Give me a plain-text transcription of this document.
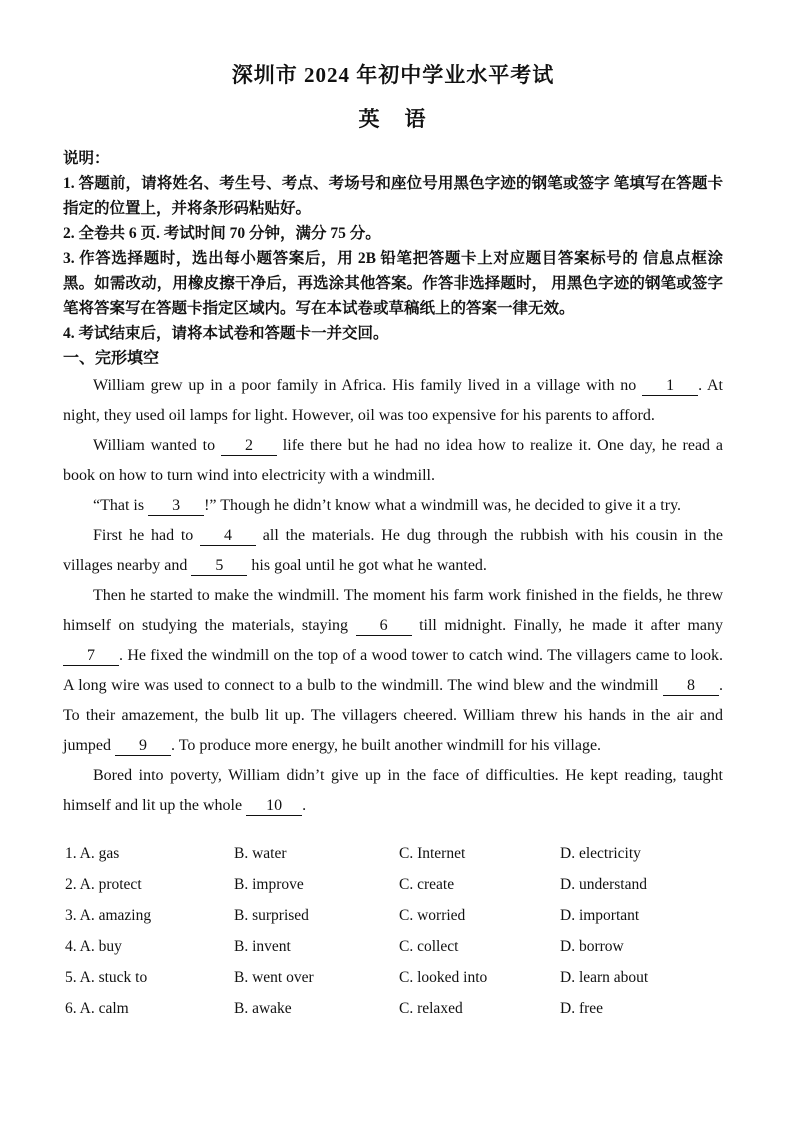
深圳市 2024 年初中学业水平考试
英　语
说明：
1. 答题前，请将姓名、考生号、考点、考场号和座位号用黑色字迹的钢笔或签字 笔填写在答题卡指定的位置上，并将条形码粘贴好。
2. 全卷共 6 页. 考试时间 70 分钟，满分 75 分。
3. 作答选择题时，选出每小题答案后，用 2B 铅笔把答题卡上对应题目答案标号的 信息点框涂黑。如需改动，用橡皮擦干净后，再选涂其他答案。作答非选择题时， 用黑色字迹的钢笔或签字笔将答案写在答题卡指定区域内。写在本试卷或草稿纸上的答案一律无效。
4. 考试结束后，请将本试卷和答题卡一并交回。
一、完形填空

William grew up in a poor family in Africa. His family lived in a village with no 1 . At night, they used oil lamps for light. However, oil was too expensive for his parents to afford.

William wanted to 2 life there but he had no idea how to realize it. One day, he read a book on how to turn wind into electricity with a windmill.

“That is 3 !” Though he didn’t know what a windmill was, he decided to give it a try.

First he had to 4 all the materials. He dug through the rubbish with his cousin in the villages nearby and 5 his goal until he got what he wanted.

Then he started to make the windmill. The moment his farm work finished in the fields, he threw himself on studying the materials, staying 6 till midnight. Finally, he made it after many 7 . He fixed the windmill on the top of a wood tower to catch wind. The villagers came to look. A long wire was used to connect to a bulb to the windmill. The wind blew and the windmill 8 . To their amazement, the bulb lit up. The villagers cheered. William threw his hands in the air and jumped 9 . To produce more energy, he built another windmill for his village.

Bored into poverty, William didn’t give up in the face of difficulties. He kept reading, taught himself and lit up the whole 10 .

1. A. gas	B. water	C. Internet	D. electricity
2. A. protect	B. improve	C. create	D. understand
3. A. amazing	B. surprised	C. worried	D. important
4. A. buy	B. invent	C. collect	D. borrow
5. A. stuck to	B. went over	C. looked into	D. learn about
6. A. calm	B. awake	C. relaxed	D. free
